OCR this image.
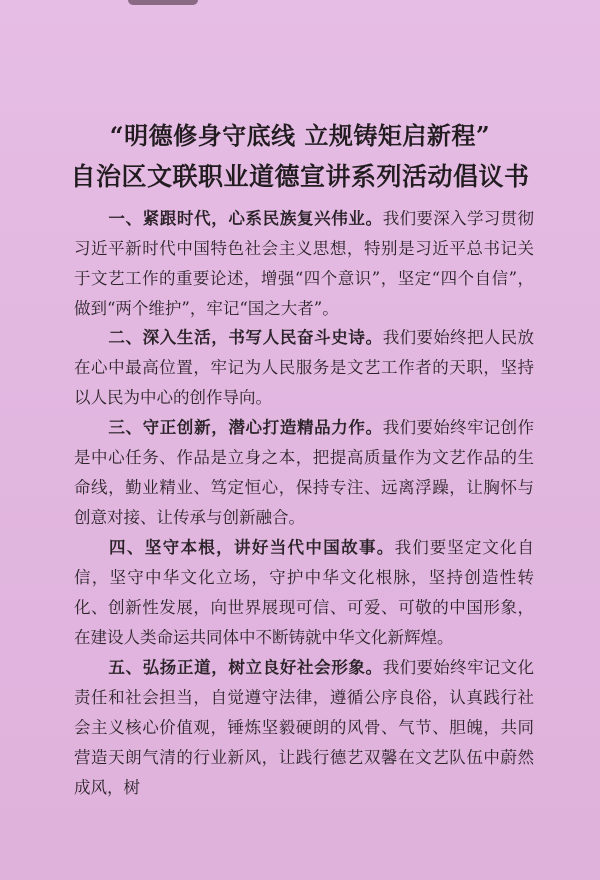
“明德修身守底线 立规铸矩启新程”
自治区文联职业道德宣讲系列活动倡议书

一、紧跟时代，心系民族复兴伟业。我们要深入学习贯彻习近平新时代中国特色社会主义思想，特别是习近平总书记关于文艺工作的重要论述，增强“四个意识”，坚定“四个自信”，做到“两个维护”，牢记“国之大者”。

二、深入生活，书写人民奋斗史诗。我们要始终把人民放在心中最高位置，牢记为人民服务是文艺工作者的天职，坚持以人民为中心的创作导向。

三、守正创新，潜心打造精品力作。我们要始终牢记创作是中心任务、作品是立身之本，把提高质量作为文艺作品的生命线，勤业精业、笃定恒心，保持专注、远离浮躁，让胸怀与创意对接、让传承与创新融合。

四、坚守本根，讲好当代中国故事。我们要坚定文化自信，坚守中华文化立场，守护中华文化根脉，坚持创造性转化、创新性发展，向世界展现可信、可爱、可敬的中国形象，在建设人类命运共同体中不断铸就中华文化新辉煌。

五、弘扬正道，树立良好社会形象。我们要始终牢记文化责任和社会担当，自觉遵守法律，遵循公序良俗，认真践行社会主义核心价值观，锤炼坚毅硬朗的风骨、气节、胆魄，共同营造天朗气清的行业新风，让践行德艺双馨在文艺队伍中蔚然成风，树
